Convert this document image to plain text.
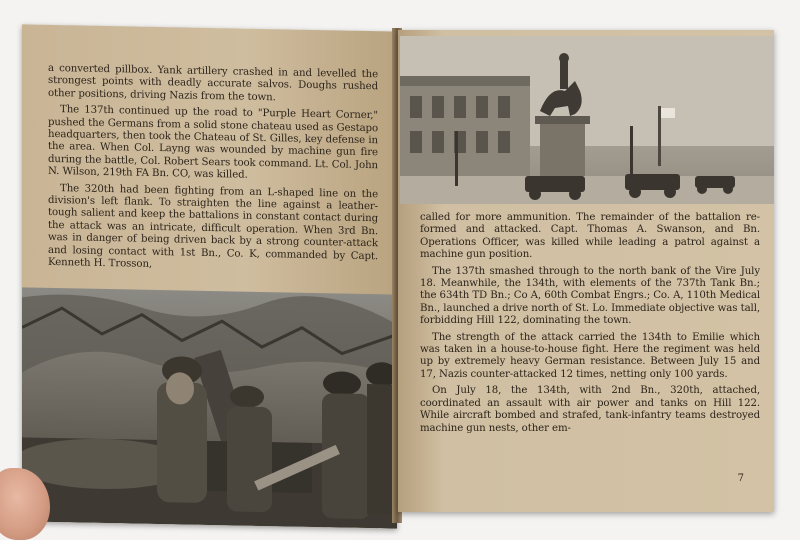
a converted pillbox. Yank artillery crashed in and levelled the strongest points with deadly accurate salvos. Doughs rushed other positions, driving Nazis from the town.

The 137th continued up the road to "Purple Heart Corner," pushed the Germans from a solid stone chateau used as Gestapo headquarters, then took the Chateau of St. Gilles, key defense in the area. When Col. Layng was wounded by machine gun fire during the battle, Col. Robert Sears took command. Lt. Col. John N. Wilson, 219th FA Bn. CO, was killed.

The 320th had been fighting from an L-shaped line on the division's left flank. To straighten the line against a leather-tough salient and keep the battalions in constant contact during the attack was an intricate, difficult operation. When 3rd Bn. was in danger of being driven back by a strong counter-attack and losing contact with 1st Bn., Co. K, commanded by Capt. Kenneth H. Trosson,

called for more ammunition. The remainder of the battalion re-formed and attacked. Capt. Thomas A. Swanson, and Bn. Operations Officer, was killed while leading a patrol against a machine gun position.

The 137th smashed through to the north bank of the Vire July 18. Meanwhile, the 134th, with elements of the 737th Tank Bn.; the 634th TD Bn.; Co A, 60th Combat Engrs.; Co. A, 110th Medical Bn., launched a drive north of St. Lo. Immediate objective was tall, forbidding Hill 122, dominating the town.

The strength of the attack carried the 134th to Emilie which was taken in a house-to-house fight. Here the regiment was held up by extremely heavy German resistance. Between July 15 and 17, Nazis counter-attacked 12 times, netting only 100 yards.

On July 18, the 134th, with 2nd Bn., 320th, attached, coordinated an assault with air power and tanks on Hill 122. While aircraft bombed and strafed, tank-infantry teams destroyed machine gun nests, other em-

7
